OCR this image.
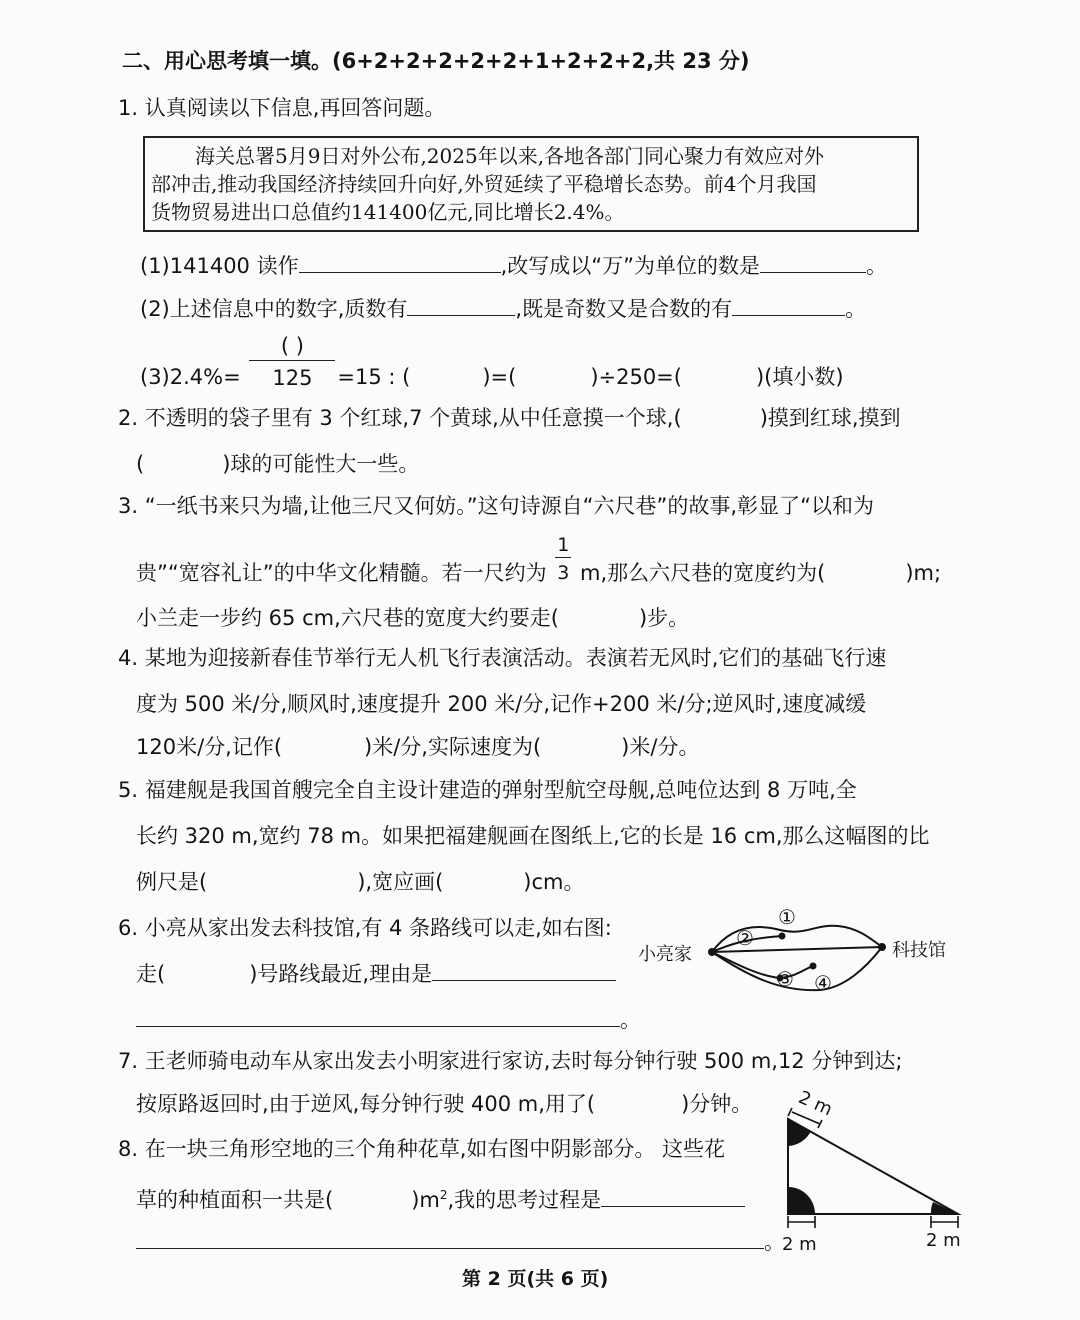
二、用心思考填一填。(6+2+2+2+2+2+1+2+2+2,共 23 分)
1. 认真阅读以下信息,再回答问题。
海关总署5月9日对外公布,2025年以来,各地各部门同心聚力有效应对外
部冲击,推动我国经济持续回升向好,外贸延续了平稳增长态势。前4个月我国
货物贸易进出口总值约141400亿元,同比增长2.4%。
(1)141400 读作	,改写成以“万”为单位的数是	。
(2)上述信息中的数字,质数有	,既是奇数又是合数的有	。
$(3)2.4\%= \frac{( )}{125} =15$ : (	)=(	)÷250=(	)(填小数)
2. 不透明的袋子里有 3 个红球,7 个黄球,从中任意摸一个球,(	)摸到红球,摸到
(	)球的可能性大一些。
3. “一纸书来只为墙,让他三尺又何妨。”这句诗源自“六尺巷”的故事,彰显了“以和为
贵”“宽容礼让”的中华文化精髓。若一尺约为 $\frac{1}{3} m$,那么六尺巷的宽度约为(	)m;
小兰走一步约 65 cm,六尺巷的宽度大约要走(	)步。
4. 某地为迎接新春佳节举行无人机飞行表演活动。表演若无风时,它们的基础飞行速
度为 500 米/分,顺风时,速度提升 200 米/分,记作+200 米/分;逆风时,速度减缓
120米/分,记作(	)米/分,实际速度为(	)米/分。
5. 福建舰是我国首艘完全自主设计建造的弹射型航空母舰,总吨位达到 8 万吨,全
长约 320 m,宽约 78 m。如果把福建舰画在图纸上,它的长是 16 cm,那么这幅图的比
例尺是(	),宽应画(	)cm。
6. 小亮从家出发去科技馆,有 4 条路线可以走,如右图:
走(	)号路线最近,理由是
。
小亮家	科技馆
①
②
③ ④
7. 王老师骑电动车从家出发去小明家进行家访,去时每分钟行驶 500 m,12 分钟到达;
按原路返回时,由于逆风,每分钟行驶 400 m,用了(	)分钟。
8. 在一块三角形空地的三个角种花草,如右图中阴影部分。 这些花
草的种植面积一共是(	)$m^2$,我的思考过程是
。
2 m
2 m	2 m
第 2 页(共 6 页)
